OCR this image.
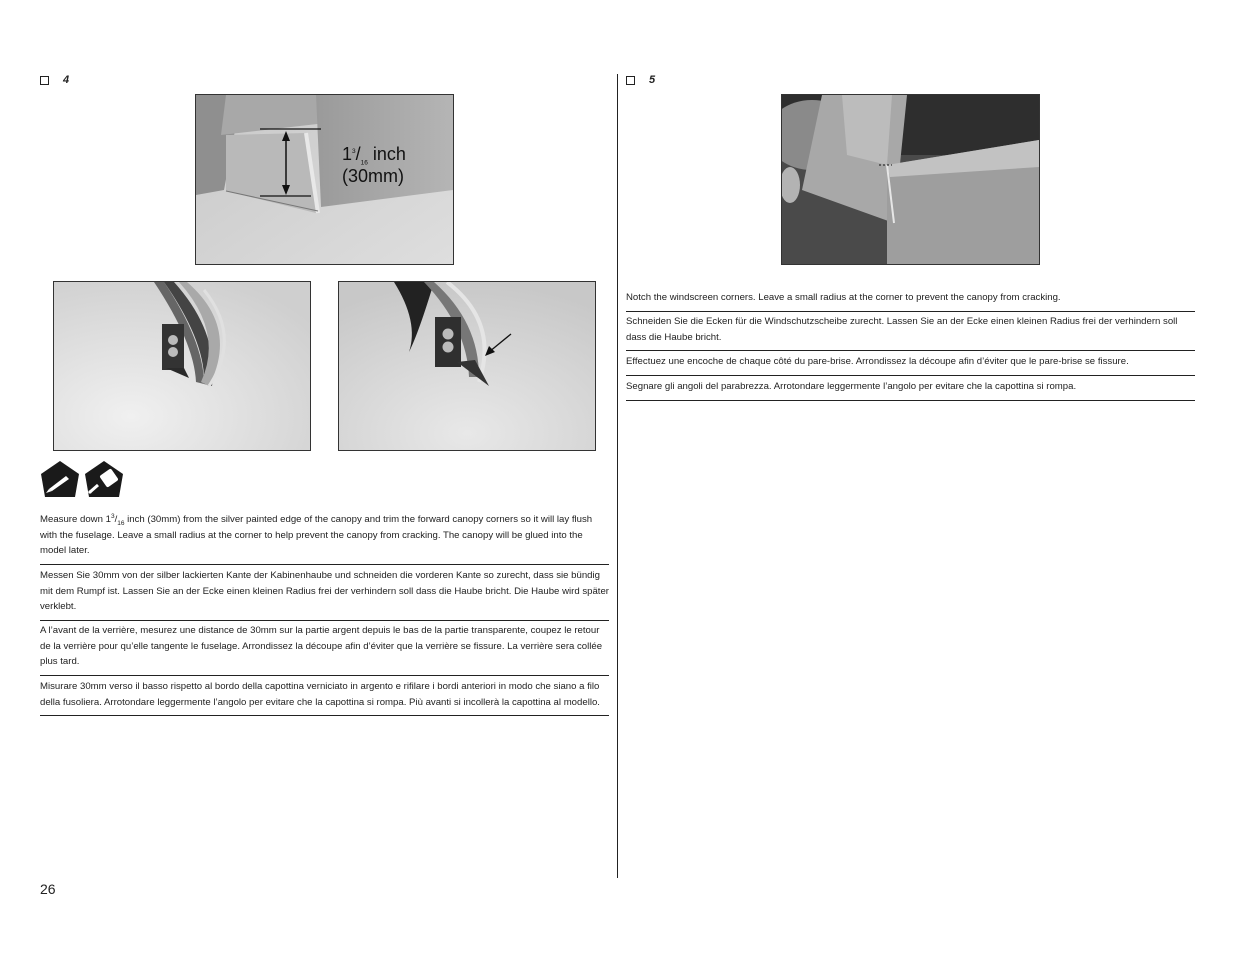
4
$1^3/_{16}$ inch
(30mm)
Measure down $1^3/_{16}$ inch (30mm) from the silver painted edge of the canopy and trim the forward canopy corners so it will lay flush with the fuselage. Leave a small radius at the corner to help prevent the canopy from cracking. The canopy will be glued into the model later.
Messen Sie 30mm von der silber lackierten Kante der Kabinenhaube und schneiden die vorderen Kante so zurecht, dass sie bündig mit dem Rumpf ist. Lassen Sie an der Ecke einen kleinen Radius frei der verhindern soll dass die Haube bricht. Die Haube wird später verklebt.
A l’avant de la verrière, mesurez une distance de 30mm sur la partie argent depuis le bas de la partie transparente, coupez le retour de la verrière pour qu’elle tangente le fuselage. Arrondissez la découpe afin d’éviter que la verrière se fissure. La verrière sera collée plus tard.
Misurare 30mm verso il basso rispetto al bordo della capottina verniciato in argento e rifilare i bordi anteriori in modo che siano a filo della fusoliera. Arrotondare leggermente l’angolo per evitare che la capottina si rompa. Più avanti si incollerà la capottina al modello.
5
Notch the windscreen corners. Leave a small radius at the corner to prevent the canopy from cracking.
Schneiden Sie die Ecken für die Windschutzscheibe zurecht. Lassen Sie an der Ecke einen kleinen Radius frei der verhindern soll dass die Haube bricht.
Effectuez une encoche de chaque côté du pare-brise. Arrondissez la découpe afin d’éviter que le pare-brise se fissure.
Segnare gli angoli del parabrezza. Arrotondare leggermente l’angolo per evitare che la capottina si rompa.
26
